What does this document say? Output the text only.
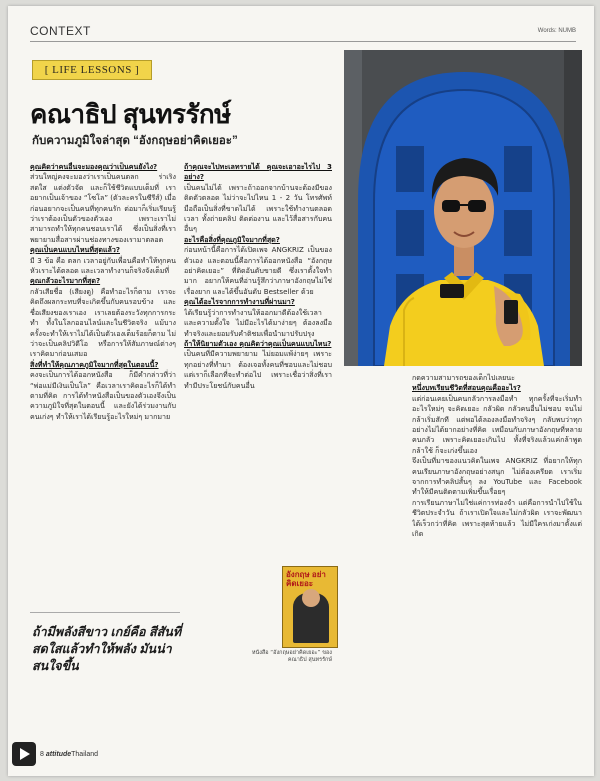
CONTEXT	Words: NUMB
[ LIFE LESSONS ]
คณาธิป สุนทรรักษ์
กับความภูมิใจล่าสุด “อังกฤษอย่าคิดเยอะ”

คุณคิดว่าคนอื่นจะมองคุณว่าเป็นคนยังไง?

ส่วนใหญ่คงจะมองว่าเราเป็นคนตลก ร่าเริง สดใส แต่งตัวจัด และก็ใช้ชีวิตแบบเต็มที่ เราอยากเป็นเจ้าของ “โซโล” (ตัวละครในซีรีส์) เมื่อก่อนอยากจะเป็นคนที่ทุกคนรัก ต่อมาก็เริ่มเรียนรู้ว่าเราต้องเป็นตัวของตัวเอง เพราะเราไม่สามารถทำให้ทุกคนชอบเราได้ ซึ่งเป็นสิ่งที่เราพยายามสื่อสารผ่านช่องทางของเรามาตลอด

คุณเป็นคนแบบไหนที่สุดแล้ว?

มี 3 ข้อ คือ ตลก เวลาอยู่กับเพื่อนคือทำให้ทุกคนหัวเราะได้ตลอด และเวลาทำงานก็จริงจังเต็มที่

คุณกลัวอะไรมากที่สุด?

กลัวเสียชื่อ (เสียงดู) คือทำอะไรก็ตาม เราจะคิดถึงผลกระทบที่จะเกิดขึ้นกับคนรอบข้าง และชื่อเสียงของเราเอง เราเลยต้องระวังทุกการกระทำ ทั้งในโลกออนไลน์และในชีวิตจริง แม้บางครั้งจะทำให้เราไม่ได้เป็นตัวเองเต็มร้อยก็ตาม ไม่ว่าจะเป็นคลิปวิดีโอ หรือการให้สัมภาษณ์ต่างๆ เราคิดมาก่อนเสมอ

สิ่งที่ทำให้คุณภาคภูมิใจมากที่สุดในตอนนี้?

คงจะเป็นการได้ออกหนังสือ ก็มีคำกล่าวที่ว่า “พ่อแม่มีเงินเป็นโล” คือเวลาเราคิดอะไรก็ได้ทำตามที่คิด การได้ทำหนังสือเป็นของตัวเองจึงเป็นความภูมิใจที่สุดในตอนนี้ และยังได้ร่วมงานกับคนเก่งๆ ทำให้เราได้เรียนรู้อะไรใหม่ๆ มากมาย

ถ้าคุณจะไปทะเลทรายได้ คุณจะเอาอะไรไป 3 อย่าง?

เป็นคนไม่ได้ เพราะถ้าออกจากบ้านจะต้องมีของติดตัวตลอด ไม่ว่าจะไปไหน 1 - 2 วัน โทรศัพท์มือถือเป็นสิ่งที่ขาดไม่ได้ เพราะใช้ทำงานตลอดเวลา ทั้งถ่ายคลิป ติดต่องาน และไว้สื่อสารกับคนอื่นๆ

อะไรคือสิ่งที่คุณภูมิใจมากที่สุด?

ก่อนหน้านี้คือการได้เปิดเพจ ANGKRIZ เป็นของตัวเอง และตอนนี้คือการได้ออกหนังสือ “อังกฤษอย่าคิดเยอะ” ที่ติดอันดับขายดี ซึ่งเราตั้งใจทำมาก อยากให้คนที่อ่านรู้สึกว่าภาษาอังกฤษไม่ใช่เรื่องยาก และได้ขึ้นอันดับ Bestseller ด้วย

คุณได้อะไรจากการทำงานที่ผ่านมา?

ได้เรียนรู้ว่าการทำงานให้ออกมาดีต้องใช้เวลาและความตั้งใจ ไม่มีอะไรได้มาง่ายๆ ต้องลงมือทำจริงและยอมรับคำติชมเพื่อนำมาปรับปรุง

ถ้าให้นิยามตัวเอง คุณคิดว่าคุณเป็นคนแบบไหน?

เป็นคนที่มีความพยายาม ไม่ยอมแพ้ง่ายๆ เพราะทุกอย่างที่ทำมา ต้องเจอทั้งคนที่ชอบและไม่ชอบ แต่เราก็เลือกที่จะทำต่อไป เพราะเชื่อว่าสิ่งที่เราทำมีประโยชน์กับคนอื่น

กดความสามารถของเด็กไปเลยนะ

หนึ่งบทเรียนชีวิตที่สอนคุณคืออะไร?

แต่ก่อนเคยเป็นคนกลัวการลงมือทำ ทุกครั้งที่จะเริ่มทำอะไรใหม่ๆ จะคิดเยอะ กลัวผิด กลัวคนอื่นไม่ชอบ จนไม่กล้าเริ่มสักที แต่พอได้ลองลงมือทำจริงๆ กลับพบว่าทุกอย่างไม่ได้ยากอย่างที่คิด เหมือนกับภาษาอังกฤษที่หลายคนกลัว เพราะคิดเยอะเกินไป ทั้งที่จริงแล้วแค่กล้าพูด กล้าใช้ ก็จะเก่งขึ้นเอง

จึงเป็นที่มาของแนวคิดในเพจ ANGKRIZ ที่อยากให้ทุกคนเรียนภาษาอังกฤษอย่างสนุก ไม่ต้องเครียด เราเริ่มจากการทำคลิปสั้นๆ ลง YouTube และ Facebook ทำให้มีคนติดตามเพิ่มขึ้นเรื่อยๆ

การเรียนภาษาไม่ใช่แค่การท่องจำ แต่คือการนำไปใช้ในชีวิตประจำวัน ถ้าเราเปิดใจและไม่กลัวผิด เราจะพัฒนาได้เร็วกว่าที่คิด เพราะสุดท้ายแล้ว ไม่มีใครเก่งมาตั้งแต่เกิด

ถ้ามีพลังสีขาว เกย์คือ สีสันที่สดใสแล้วทำให้พลัง มันน่าสนใจขึ้น
อังกฤษ อย่าคิดเยอะ
หนังสือ “อังกฤษอย่าคิดเยอะ” ของคณาธิป สุนทรรักษ์
8 attitudeThailand
